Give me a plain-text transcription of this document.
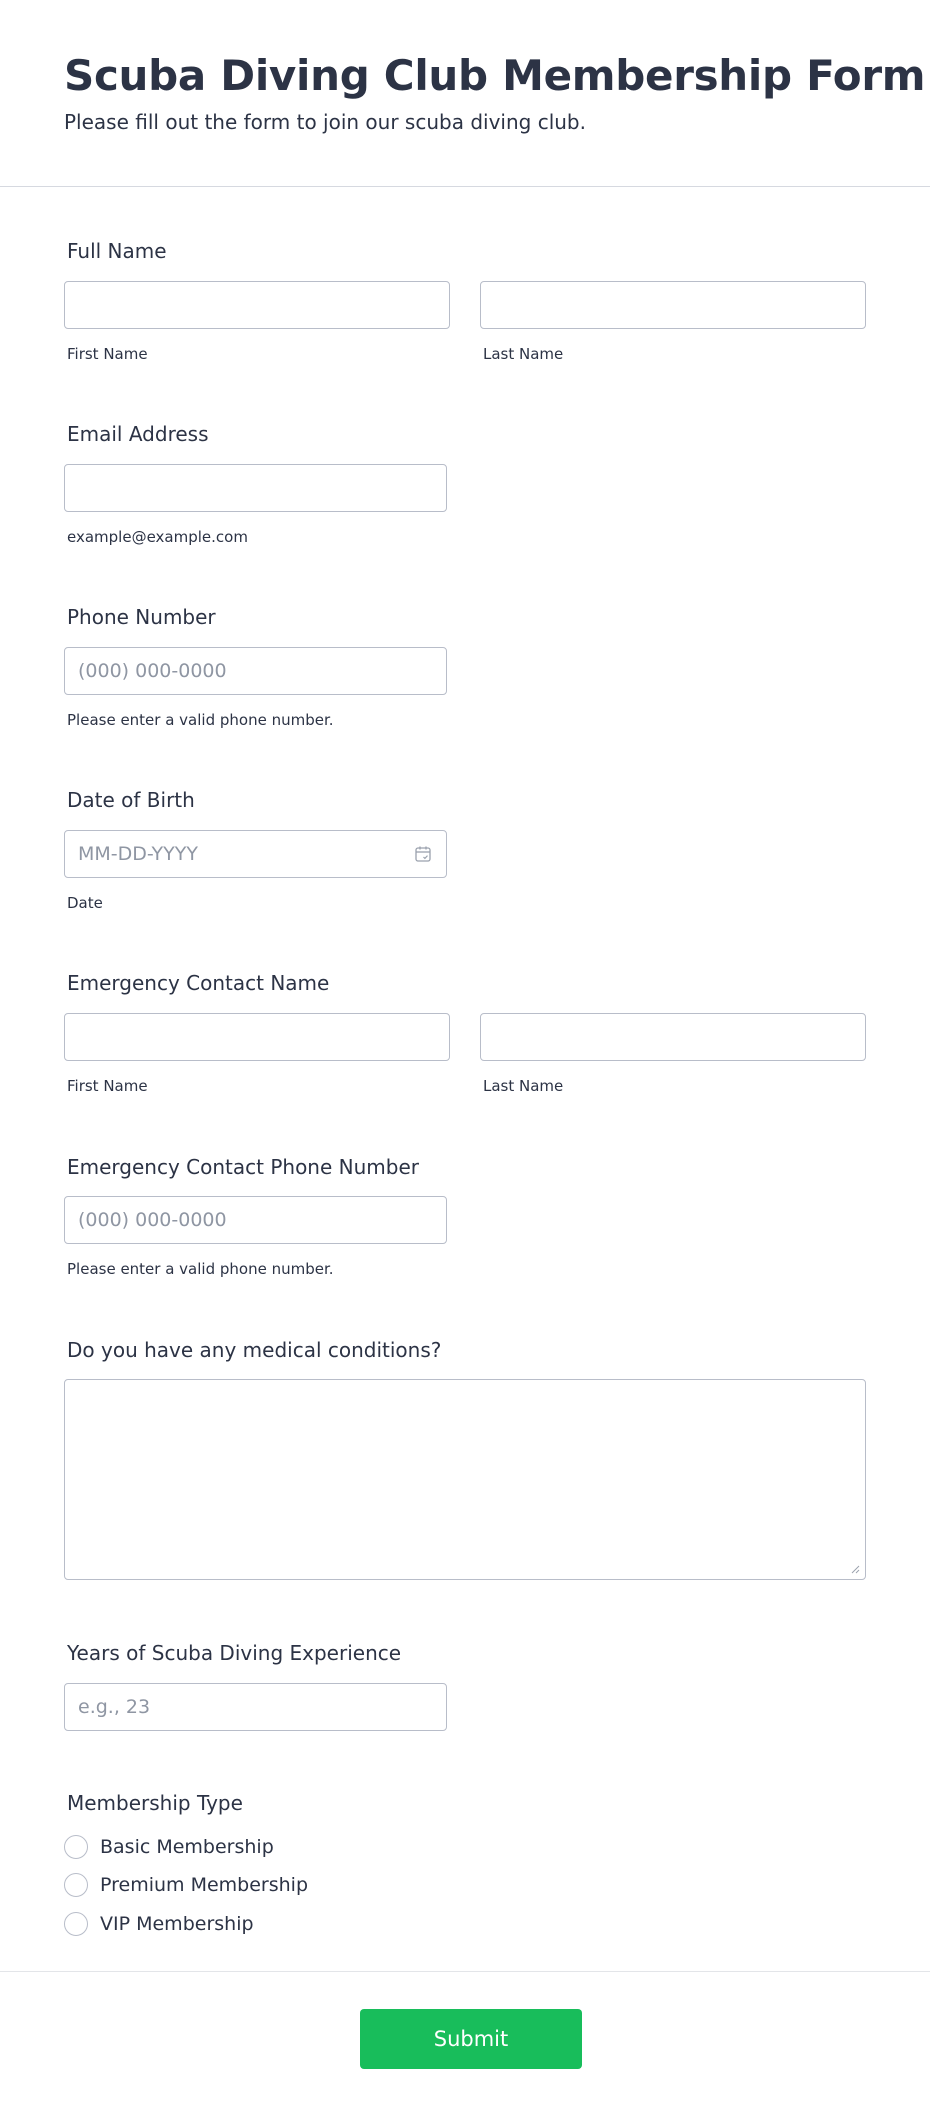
Scuba Diving Club Membership Form
Please fill out the form to join our scuba diving club.
Full Name
First Name	Last Name
Email Address
example@example.com
Phone Number
(000) 000-0000
Please enter a valid phone number.
Date of Birth
MM-DD-YYYY
Date
Emergency Contact Name
First Name	Last Name
Emergency Contact Phone Number
(000) 000-0000
Please enter a valid phone number.
Do you have any medical conditions?
Years of Scuba Diving Experience
e.g., 23
Membership Type
Basic Membership
Premium Membership
VIP Membership
Submit
